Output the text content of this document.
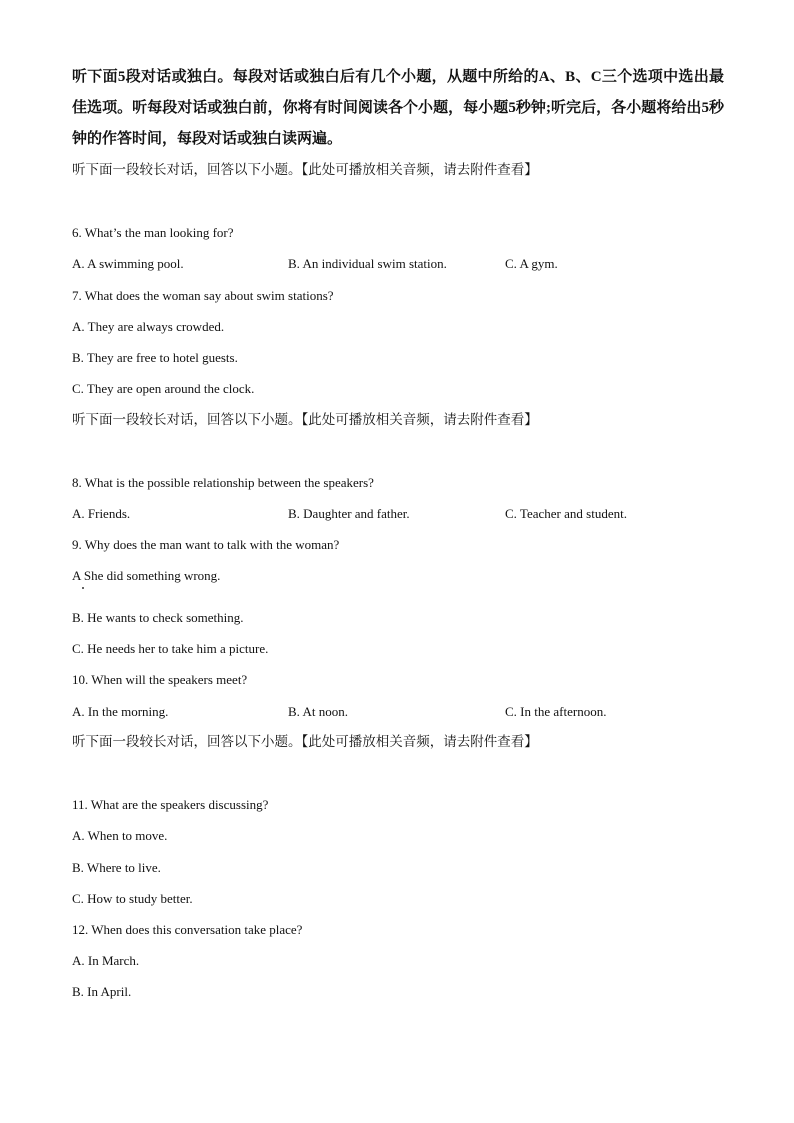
听下面5段对话或独白。每段对话或独白后有几个小题，从题中所给的A、B、C三个选项中选出最佳选项。听每段对话或独白前，你将有时间阅读各个小题，每小题5秒钟;听完后，各小题将给出5秒钟的作答时间，每段对话或独白读两遍。
听下面一段较长对话，回答以下小题。【此处可播放相关音频，请去附件查看】
6. What’s the man looking for?
A. A swimming pool.	B. An individual swim station.	C. A gym.
7. What does the woman say about swim stations?
A. They are always crowded.
B. They are free to hotel guests.
C. They are open around the clock.
听下面一段较长对话，回答以下小题。【此处可播放相关音频，请去附件查看】
8. What is the possible relationship between the speakers?
A. Friends.	B. Daughter and father.	C. Teacher and student.
9. Why does the man want to talk with the woman?
A She did something wrong.
B. He wants to check something.
C. He needs her to take him a picture.
10. When will the speakers meet?
A. In the morning.	B. At noon.	C. In the afternoon.
听下面一段较长对话，回答以下小题。【此处可播放相关音频，请去附件查看】
11. What are the speakers discussing?
A. When to move.
B. Where to live.
C. How to study better.
12. When does this conversation take place?
A. In March.
B. In April.
